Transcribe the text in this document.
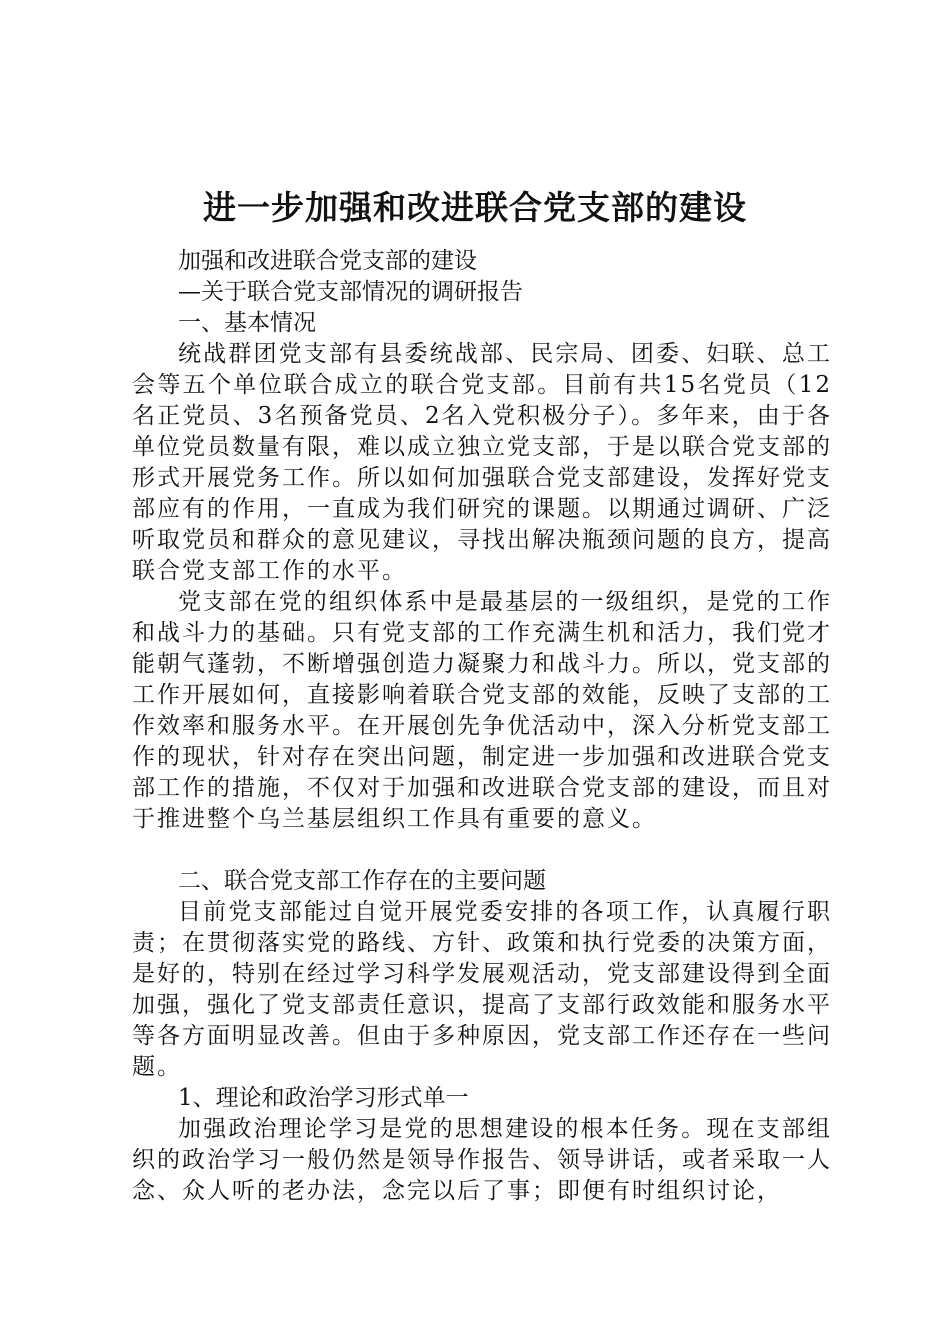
进一步加强和改进联合党支部的建设

加强和改进联合党支部的建设

—关于联合党支部情况的调研报告

一、基本情况

统战群团党支部有县委统战部、民宗局、团委、妇联、总工会等五个单位联合成立的联合党支部。目前有共15名党员（12名正党员、3名预备党员、2名入党积极分子）。多年来，由于各单位党员数量有限，难以成立独立党支部，于是以联合党支部的形式开展党务工作。所以如何加强联合党支部建设，发挥好党支部应有的作用，一直成为我们研究的课题。以期通过调研、广泛听取党员和群众的意见建议，寻找出解决瓶颈问题的良方，提高联合党支部工作的水平。

党支部在党的组织体系中是最基层的一级组织，是党的工作和战斗力的基础。只有党支部的工作充满生机和活力，我们党才能朝气蓬勃，不断增强创造力凝聚力和战斗力。所以，党支部的工作开展如何，直接影响着联合党支部的效能，反映了支部的工作效率和服务水平。在开展创先争优活动中，深入分析党支部工作的现状，针对存在突出问题，制定进一步加强和改进联合党支部工作的措施，不仅对于加强和改进联合党支部的建设，而且对于推进整个乌兰基层组织工作具有重要的意义。

二、联合党支部工作存在的主要问题

目前党支部能过自觉开展党委安排的各项工作，认真履行职责；在贯彻落实党的路线、方针、政策和执行党委的决策方面，是好的，特别在经过学习科学发展观活动，党支部建设得到全面加强，强化了党支部责任意识，提高了支部行政效能和服务水平等各方面明显改善。但由于多种原因，党支部工作还存在一些问题。

1、理论和政治学习形式单一

加强政治理论学习是党的思想建设的根本任务。现在支部组织的政治学习一般仍然是领导作报告、领导讲话，或者采取一人念、众人听的老办法，念完以后了事；即便有时组织讨论，
